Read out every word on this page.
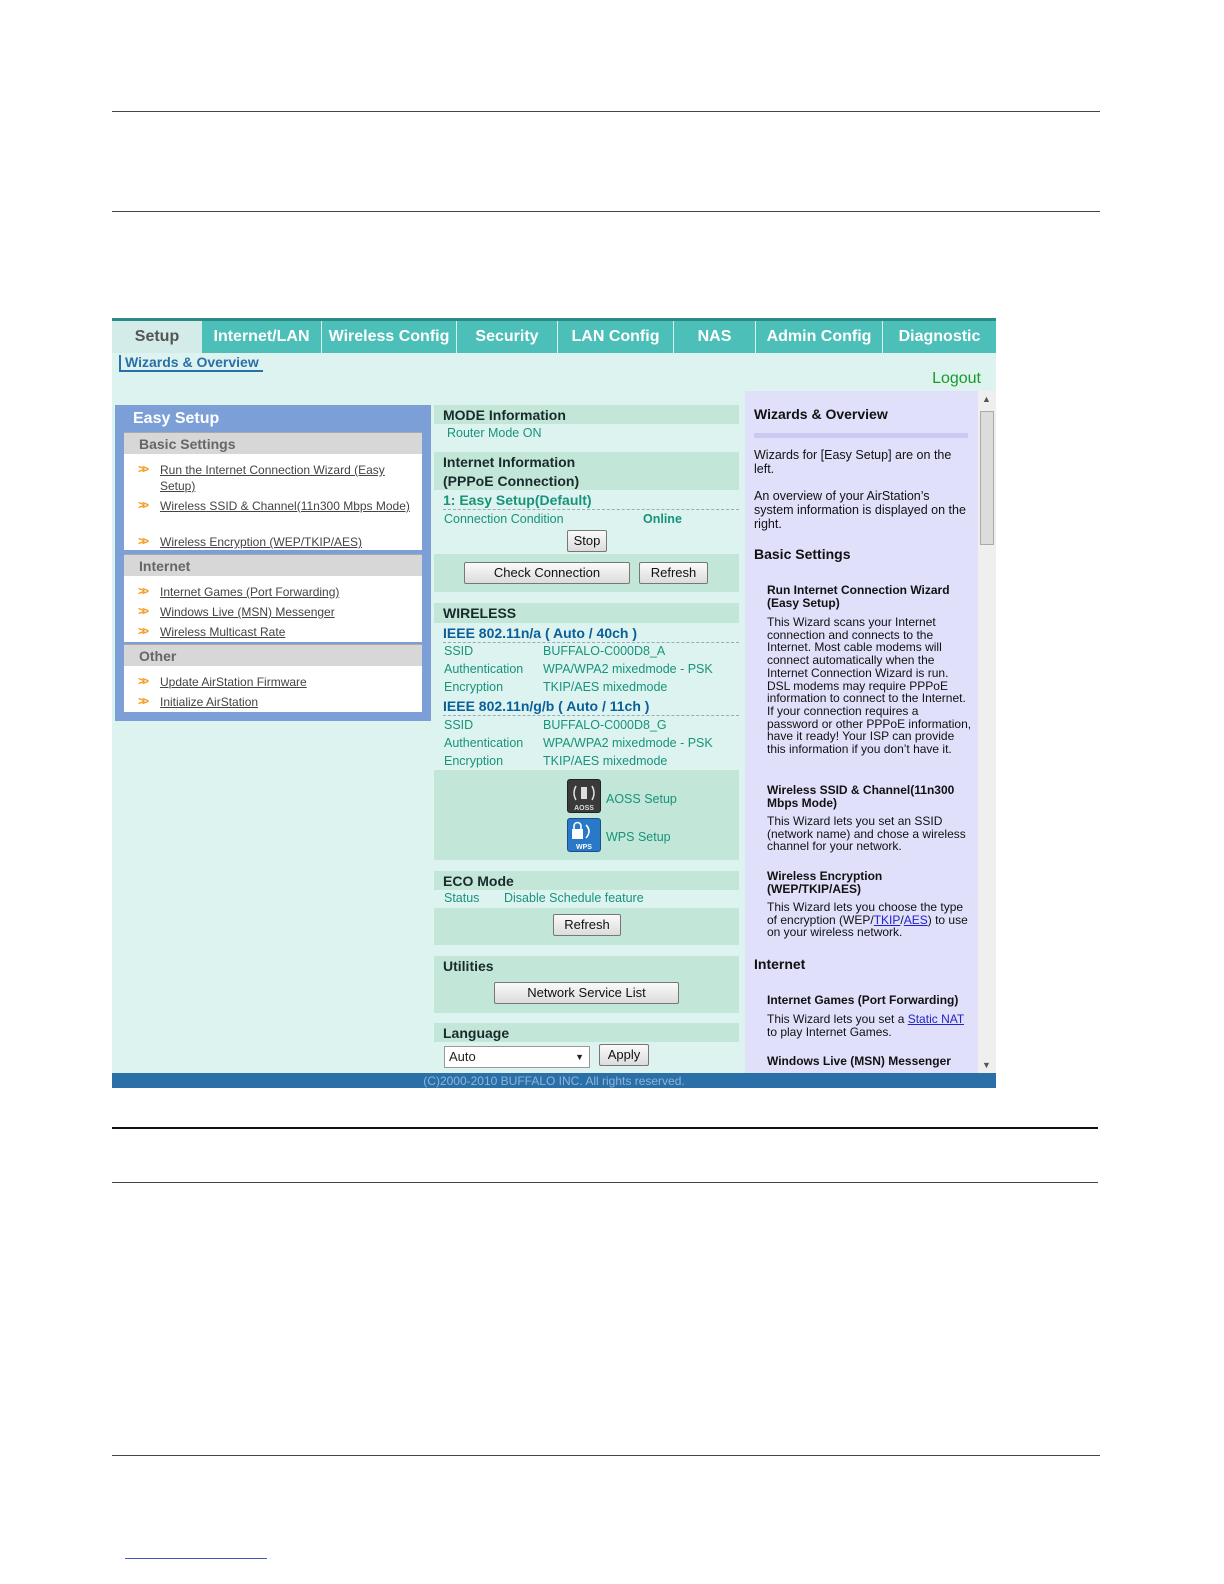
Setup	Internet/LAN	Wireless Config	Security	LAN Config	NAS	Admin Config	Diagnostic
Wizards & Overview
Logout
Easy Setup
Basic Settings
>> Run the Internet Connection Wizard (Easy Setup)
>> Wireless SSID & Channel(11n300 Mbps Mode)
>> Wireless Encryption (WEP/TKIP/AES)
Internet
>> Internet Games (Port Forwarding)
>> Windows Live (MSN) Messenger
>> Wireless Multicast Rate
Other
>> Update AirStation Firmware
>> Initialize AirStation
MODE Information
Router Mode ON
Internet Information
(PPPoE Connection)
1: Easy Setup(Default)
Connection Condition	Online
Stop
Check Connection	Refresh
WIRELESS
IEEE 802.11n/a ( Auto / 40ch )
SSID	BUFFALO-C000D8_A
Authentication WPA/WPA2 mixedmode - PSK
Encryption	TKIP/AES mixedmode
IEEE 802.11n/g/b ( Auto / 11ch )
SSID	BUFFALO-C000D8_G
Authentication WPA/WPA2 mixedmode - PSK
Encryption	TKIP/AES mixedmode
AOSS
AOSS Setup
WPS
WPS Setup
ECO Mode
Status Disable Schedule feature
Refresh
Utilities
Network Service List
Language
Auto	▼	Apply
Wizards & Overview
Wizards for [Easy Setup] are on the left.
An overview of your AirStation’s system information is displayed on the right.
Basic Settings
Run Internet Connection Wizard (Easy Setup)
This Wizard scans your Internet connection and connects to the Internet. Most cable modems will connect automatically when the Internet Connection Wizard is run. DSL modems may require PPPoE information to connect to the Internet. If your connection requires a password or other PPPoE information, have it ready! Your ISP can provide this information if you don’t have it.
Wireless SSID & Channel(11n300 Mbps Mode)
This Wizard lets you set an SSID (network name) and chose a wireless channel for your network.
Wireless Encryption (WEP/TKIP/AES)
This Wizard lets you choose the type of encryption (WEP/TKIP/AES) to use on your wireless network.
Internet
Internet Games (Port Forwarding)
This Wizard lets you set a Static NAT to play Internet Games.
Windows Live (MSN) Messenger
▲
▼
(C)2000-2010 BUFFALO INC. All rights reserved.
